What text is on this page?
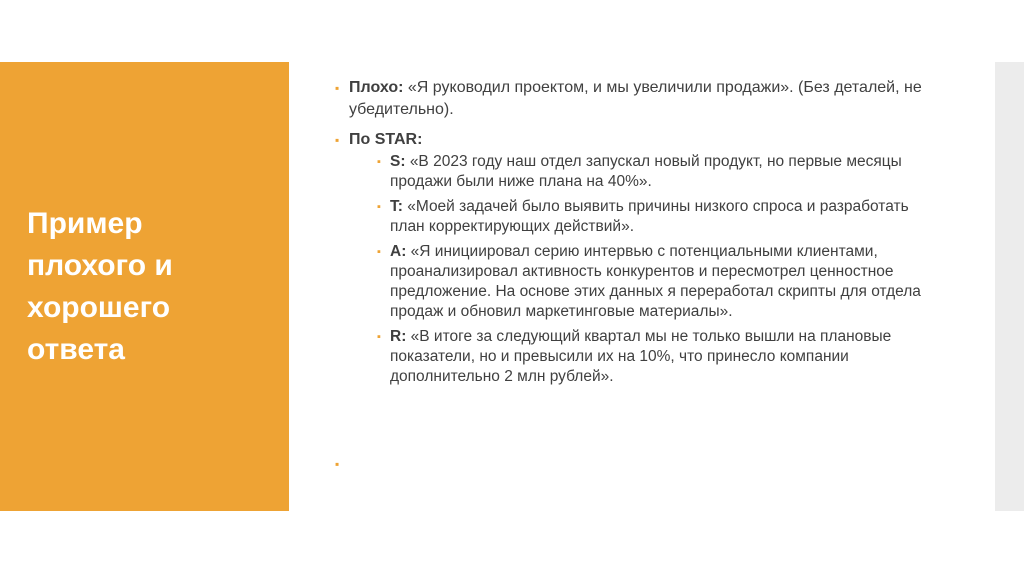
Пример плохого и хорошего ответа
▪ Плохо: «Я руководил проектом, и мы увеличили продажи». (Без деталей, не убедительно).
▪ По STAR:
▪ S: «В 2023 году наш отдел запускал новый продукт, но первые месяцы продажи были ниже плана на 40%».
▪ T: «Моей задачей было выявить причины низкого спроса и разработать план корректирующих действий».
▪ A: «Я инициировал серию интервью с потенциальными клиентами, проанализировал активность конкурентов и пересмотрел ценностное предложение. На основе этих данных я переработал скрипты для отдела продаж и обновил маркетинговые материалы».
▪ R: «В итоге за следующий квартал мы не только вышли на плановые показатели, но и превысили их на 10%, что принесло компании дополнительно 2 млн рублей».
▪
